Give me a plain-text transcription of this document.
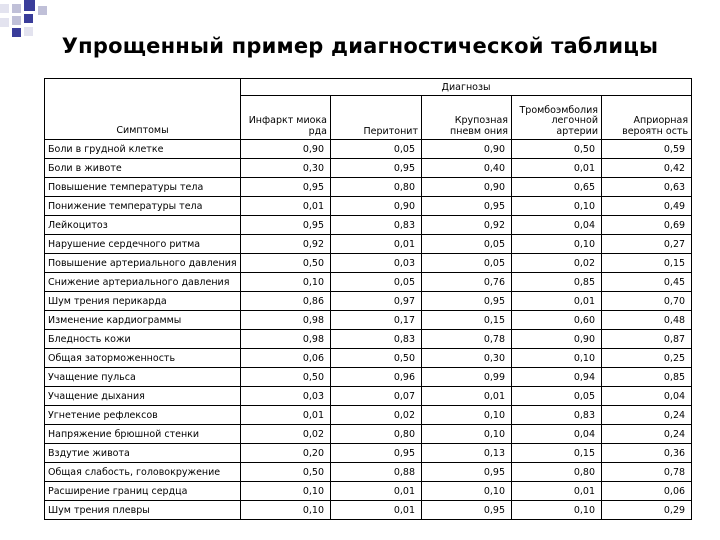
Упрощенный пример диагностической таблицы
Симптомы	Диагнозы				
	Инфаркт миока рда	Перитонит	Крупозная пневм ония	Тромбоэмболия легочной артерии	Априорная вероятн ость
Боли в грудной клетке	0,90	0,05	0,90	0,50	0,59
Боли в животе	0,30	0,95	0,40	0,01	0,42
Повышение температуры тела	0,95	0,80	0,90	0,65	0,63
Понижение температуры тела	0,01	0,90	0,95	0,10	0,49
Лейкоцитоз	0,95	0,83	0,92	0,04	0,69
Нарушение сердечного ритма	0,92	0,01	0,05	0,10	0,27
Повышение артериального давления	0,50	0,03	0,05	0,02	0,15
Снижение артериального давления	0,10	0,05	0,76	0,85	0,45
Шум трения перикарда	0,86	0,97	0,95	0,01	0,70
Изменение кардиограммы	0,98	0,17	0,15	0,60	0,48
Бледность кожи	0,98	0,83	0,78	0,90	0,87
Общая заторможенность	0,06	0,50	0,30	0,10	0,25
Учащение пульса	0,50	0,96	0,99	0,94	0,85
Учащение дыхания	0,03	0,07	0,01	0,05	0,04
Угнетение рефлексов	0,01	0,02	0,10	0,83	0,24
Напряжение брюшной стенки	0,02	0,80	0,10	0,04	0,24
Вздутие живота	0,20	0,95	0,13	0,15	0,36
Общая слабость, головокружение	0,50	0,88	0,95	0,80	0,78
Расширение границ сердца	0,10	0,01	0,10	0,01	0,06
Шум трения плевры	0,10	0,01	0,95	0,10	0,29
